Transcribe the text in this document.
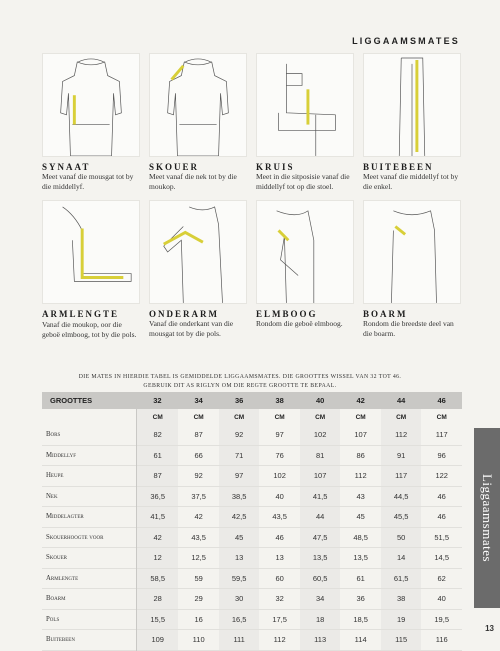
LIGGAAMSMATES
SYNAAT
Meet vanaf die mousgat tot by die middellyf.
SKOUER
Meet vanaf die nek tot by die moukop.
KRUIS
Meet in die sitposisie vanaf die middellyf tot op die stoel.
BUITEBEEN
Meet vanaf die middellyf tot by die enkel.
ARMLENGTE Vanaf die moukop, oor die geboë elmboog, tot by die pols.
ONDERARM
Vanaf die onderkant van die mousgat tot by die pols.
ELMBOOG
Rondom die geboë elmboog.
BOARM
Rondom die breedste deel van die boarm.
DIE MATES IN HIERDIE TABEL IS GEMIDDELDE LIGGAAMSMATES. DIE GROOTTES WISSEL VAN 32 TOT 46.
GEBRUIK DIT AS RIGLYN OM DIE REGTE GROOTTE TE BEPAAL.
GROOTTES	32	34	36	38	40	42	44	46
	CM	CM	CM	CM	CM	CM	CM	CM
Bors	82	87	92	97	102	107	112	117
Middellyf	61	66	71	76	81	86	91	96
Heupe	87	92	97	102	107	112	117	122
Nek	36,5	37,5	38,5	40	41,5	43	44,5	46
Middelagter	41,5	42	42,5	43,5	44	45	45,5	46
Skouerhoogte voor	42	43,5	45	46	47,5	48,5	50	51,5
Skouer	12	12,5	13	13	13,5	13,5	14	14,5
Armlengte	58,5	59	59,5	60	60,5	61	61,5	62
Boarm	28	29	30	32	34	36	38	40
Pols	15,5	16	16,5	17,5	18	18,5	19	19,5
Buitebeen	109	110	111	112	113	114	115	116
Liggaamsmates
13
